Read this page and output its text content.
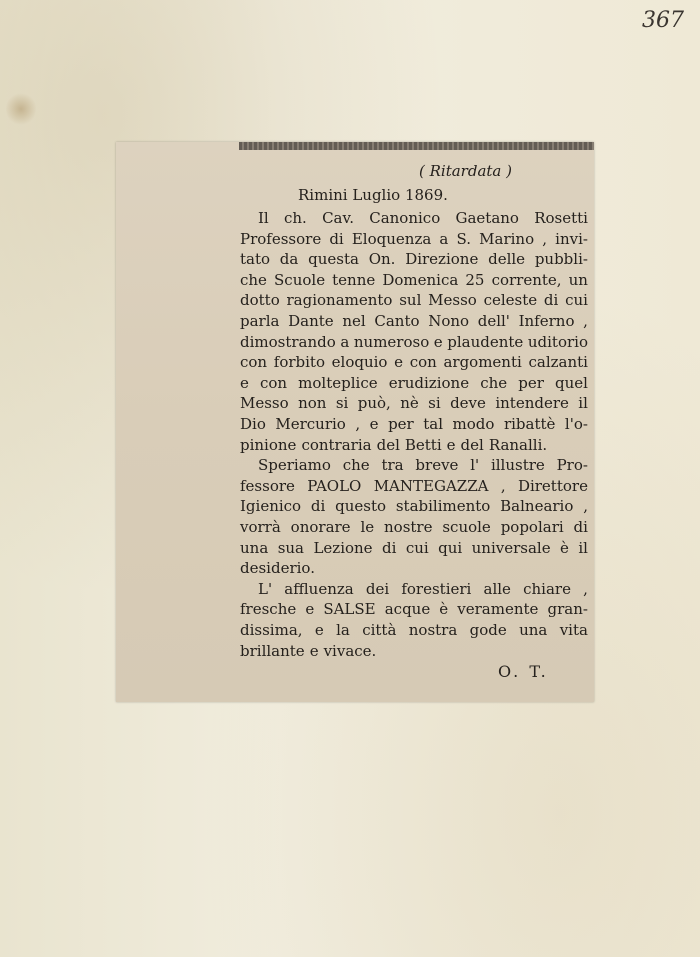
367
( Ritardata )
Rimini Luglio 1869.
Il ch. Cav. Canonico Gaetano Rosetti
Professore di Eloquenza a S. Marino , invi-
tato da questa On. Direzione delle pubbli-
che Scuole tenne Domenica 25 corrente, un
dotto ragionamento sul Messo celeste di cui
parla Dante nel Canto Nono dell' Inferno ,
dimostrando a numeroso e plaudente uditorio
con forbito eloquio e con argomenti calzanti
e con molteplice erudizione che per quel
Messo non si può, nè si deve intendere il
Dio Mercurio , e per tal modo ribattè l'o-
pinione contraria del Betti e del Ranalli.
Speriamo che tra breve l' illustre Pro-
fessore PAOLO MANTEGAZZA , Direttore
Igienico di questo stabilimento Balneario ,
vorrà onorare le nostre scuole popolari di
una sua Lezione di cui qui universale è il
desiderio.
L' affluenza dei forestieri alle chiare ,
fresche e SALSE acque è veramente gran-
dissima, e la città nostra gode una vita
brillante e vivace.
O. T.
